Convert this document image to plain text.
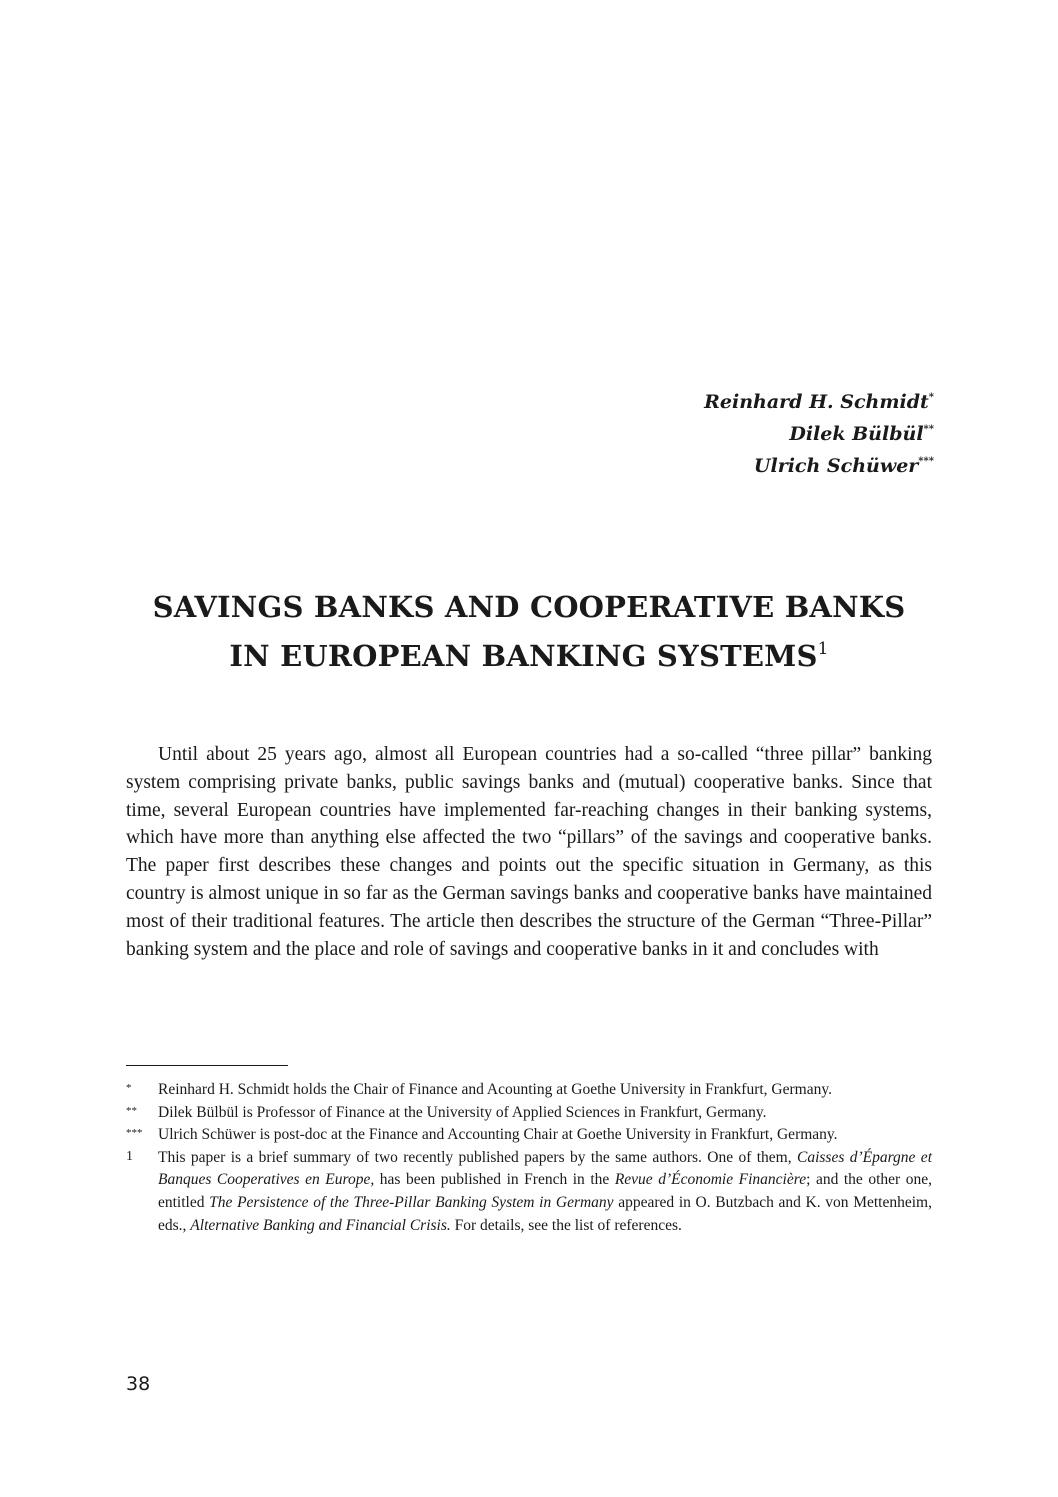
Reinhard H. Schmidt*
Dilek Bülbül**
Ulrich Schüwer***
SAVINGS BANKS AND COOPERATIVE BANKS
IN EUROPEAN BANKING SYSTEMS$^1$

Until about 25 years ago, almost all European countries had a so-called “three pillar” banking system comprising private banks, public savings banks and (mutual) cooperative banks. Since that time, several European countries have implemented far-reaching changes in their banking systems, which have more than anything else affected the two “pillars” of the savings and cooperative banks. The paper first describes these changes and points out the specific situation in Germany, as this country is almost unique in so far as the German savings banks and cooperative banks have maintained most of their traditional features. The article then describes the structure of the German “Three-Pillar” banking system and the place and role of savings and cooperative banks in it and concludes with

*	Reinhard H. Schmidt holds the Chair of Finance and Acounting at Goethe University in Frankfurt, Germany.
**	Dilek Bülbül is Professor of Finance at the University of Applied Sciences in Frankfurt, Germany.
***	Ulrich Schüwer is post-doc at the Finance and Accounting Chair at Goethe University in Frankfurt, Germany.
1	This paper is a brief summary of two recently published papers by the same authors. One of them, Caisses d’Épargne et Banques Cooperatives en Europe, has been published in French in the Revue d’Économie Financière; and the other one, entitled The Persistence of the Three-Pillar Banking System in Germany appeared in O. Butzbach and K. von Mettenheim, eds., Alternative Banking and Financial Crisis. For details, see the list of references.
38
